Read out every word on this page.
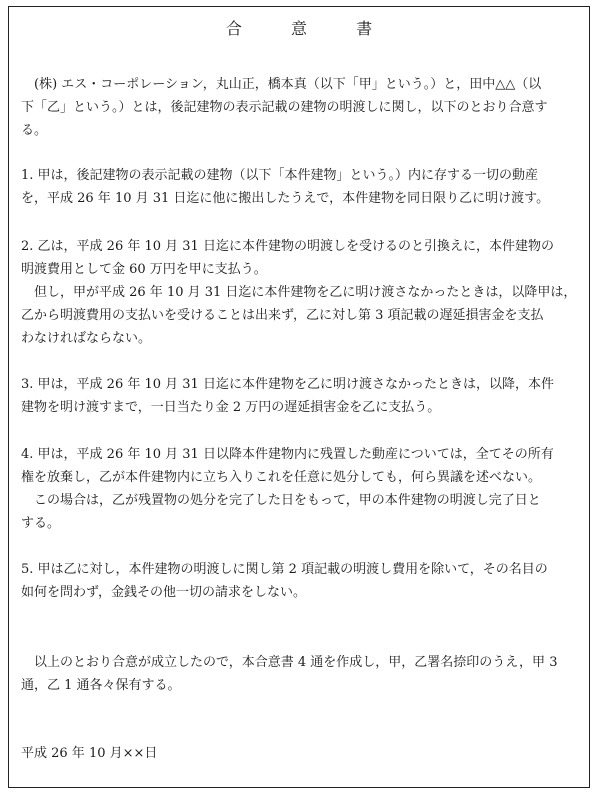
合 意 書
　(株) エス・コーポレーション，丸山正，橋本真（以下「甲」という。）と，田中△△（以
下「乙」という。）とは，後記建物の表示記載の建物の明渡しに関し，以下のとおり合意す
る。
1. 甲は，後記建物の表示記載の建物（以下「本件建物」という。）内に存する一切の動産
を，平成 26 年 10 月 31 日迄に他に搬出したうえで，本件建物を同日限り乙に明け渡す。
2. 乙は，平成 26 年 10 月 31 日迄に本件建物の明渡しを受けるのと引換えに，本件建物の
明渡費用として金 60 万円を甲に支払う。
　但し，甲が平成 26 年 10 月 31 日迄に本件建物を乙に明け渡さなかったときは，以降甲は，
乙から明渡費用の支払いを受けることは出来ず，乙に対し第 3 項記載の遅延損害金を支払
わなければならない。
3. 甲は，平成 26 年 10 月 31 日迄に本件建物を乙に明け渡さなかったときは，以降，本件
建物を明け渡すまで，一日当たり金 2 万円の遅延損害金を乙に支払う。
4. 甲は，平成 26 年 10 月 31 日以降本件建物内に残置した動産については，全てその所有
権を放棄し，乙が本件建物内に立ち入りこれを任意に処分しても，何ら異議を述べない。
　この場合は，乙が残置物の処分を完了した日をもって，甲の本件建物の明渡し完了日と
する。
5. 甲は乙に対し，本件建物の明渡しに関し第 2 項記載の明渡し費用を除いて，その名目の
如何を問わず，金銭その他一切の請求をしない。
　以上のとおり合意が成立したので，本合意書 4 通を作成し，甲，乙署名捺印のうえ，甲 3
通，乙 1 通各々保有する。
平成 26 年 10 月××日
